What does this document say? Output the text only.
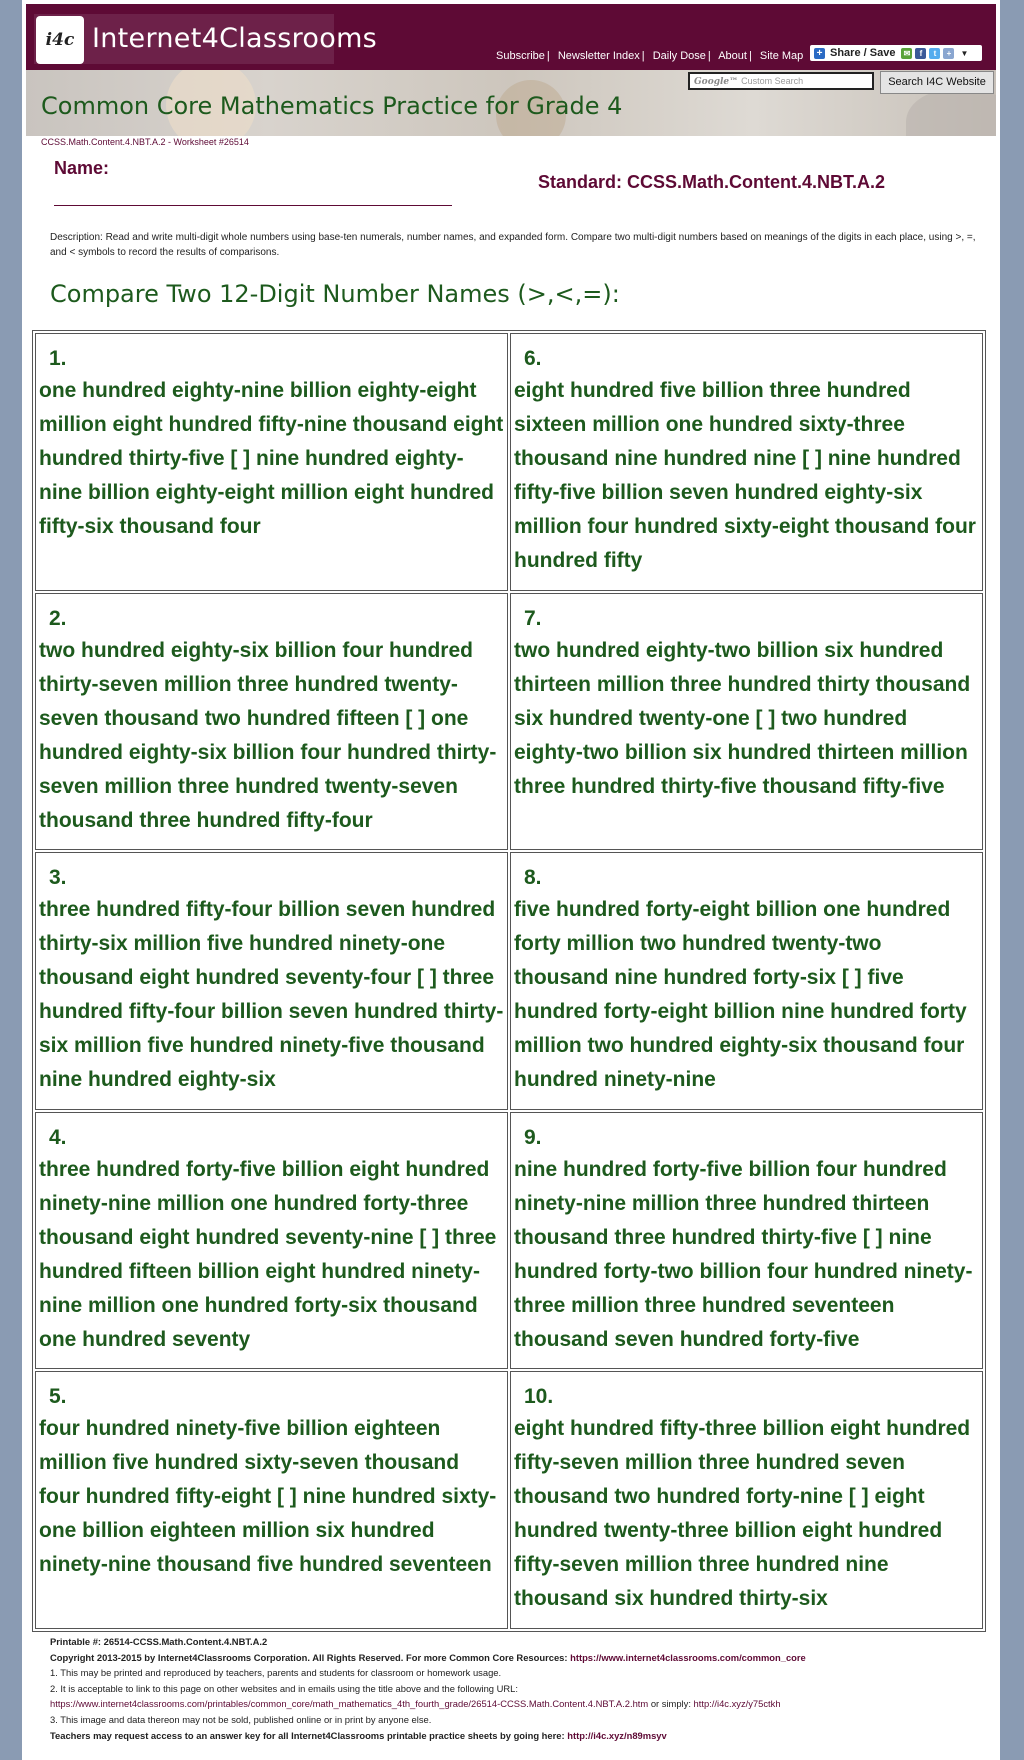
i4c Internet4Classrooms
Subscribe | Newsletter Index | Daily Dose | About | Site Map + Share / Save ✉	f	t	+	▼
Common Core Mathematics Practice for Grade 4
Google™ Custom Search	Search I4C Website
CCSS.Math.Content.4.NBT.A.2 - Worksheet #26514
Name:
Standard: CCSS.Math.Content.4.NBT.A.2
Description: Read and write multi-digit whole numbers using base-ten numerals, number names, and expanded form. Compare two multi-digit numbers based on meanings of the digits in each place, using >, =, and < symbols to record the results of comparisons.
Compare Two 12-Digit Number Names (>,<,=):
1.
one hundred eighty-nine billion eighty-eight million eight hundred fifty-nine thousand eight hundred thirty-five [ ] nine hundred eighty-nine billion eighty-eight million eight hundred fifty-six thousand four
6.
eight hundred five billion three hundred sixteen million one hundred sixty-three thousand nine hundred nine [ ] nine hundred fifty-five billion seven hundred eighty-six million four hundred sixty-eight thousand four hundred fifty
2.
two hundred eighty-six billion four hundred thirty-seven million three hundred twenty-seven thousand two hundred fifteen [ ] one hundred eighty-six billion four hundred thirty-seven million three hundred twenty-seven thousand three hundred fifty-four
7.
two hundred eighty-two billion six hundred thirteen million three hundred thirty thousand six hundred twenty-one [ ] two hundred eighty-two billion six hundred thirteen million three hundred thirty-five thousand fifty-five
3.
three hundred fifty-four billion seven hundred thirty-six million five hundred ninety-one thousand eight hundred seventy-four [ ] three hundred fifty-four billion seven hundred thirty-six million five hundred ninety-five thousand nine hundred eighty-six
8.
five hundred forty-eight billion one hundred forty million two hundred twenty-two thousand nine hundred forty-six [ ] five hundred forty-eight billion nine hundred forty million two hundred eighty-six thousand four hundred ninety-nine
4.
three hundred forty-five billion eight hundred ninety-nine million one hundred forty-three thousand eight hundred seventy-nine [ ] three hundred fifteen billion eight hundred ninety-nine million one hundred forty-six thousand one hundred seventy
9.
nine hundred forty-five billion four hundred ninety-nine million three hundred thirteen thousand three hundred thirty-five [ ] nine hundred forty-two billion four hundred ninety-three million three hundred seventeen thousand seven hundred forty-five
5.
four hundred ninety-five billion eighteen million five hundred sixty-seven thousand four hundred fifty-eight [ ] nine hundred sixty-one billion eighteen million six hundred ninety-nine thousand five hundred seventeen
10.
eight hundred fifty-three billion eight hundred fifty-seven million three hundred seven thousand two hundred forty-nine [ ] eight hundred twenty-three billion eight hundred fifty-seven million three hundred nine thousand six hundred thirty-six
Printable #: 26514-CCSS.Math.Content.4.NBT.A.2
Copyright 2013-2015 by Internet4Classrooms Corporation. All Rights Reserved. For more Common Core Resources: https://www.internet4classrooms.com/common_core
1. This may be printed and reproduced by teachers, parents and students for classroom or homework usage.
2. It is acceptable to link to this page on other websites and in emails using the title above and the following URL:
https://www.internet4classrooms.com/printables/common_core/math_mathematics_4th_fourth_grade/26514-CCSS.Math.Content.4.NBT.A.2.htm or simply: http://i4c.xyz/y75ctkh
3. This image and data thereon may not be sold, published online or in print by anyone else.
Teachers may request access to an answer key for all Internet4Classrooms printable practice sheets by going here: http://i4c.xyz/n89msyv
